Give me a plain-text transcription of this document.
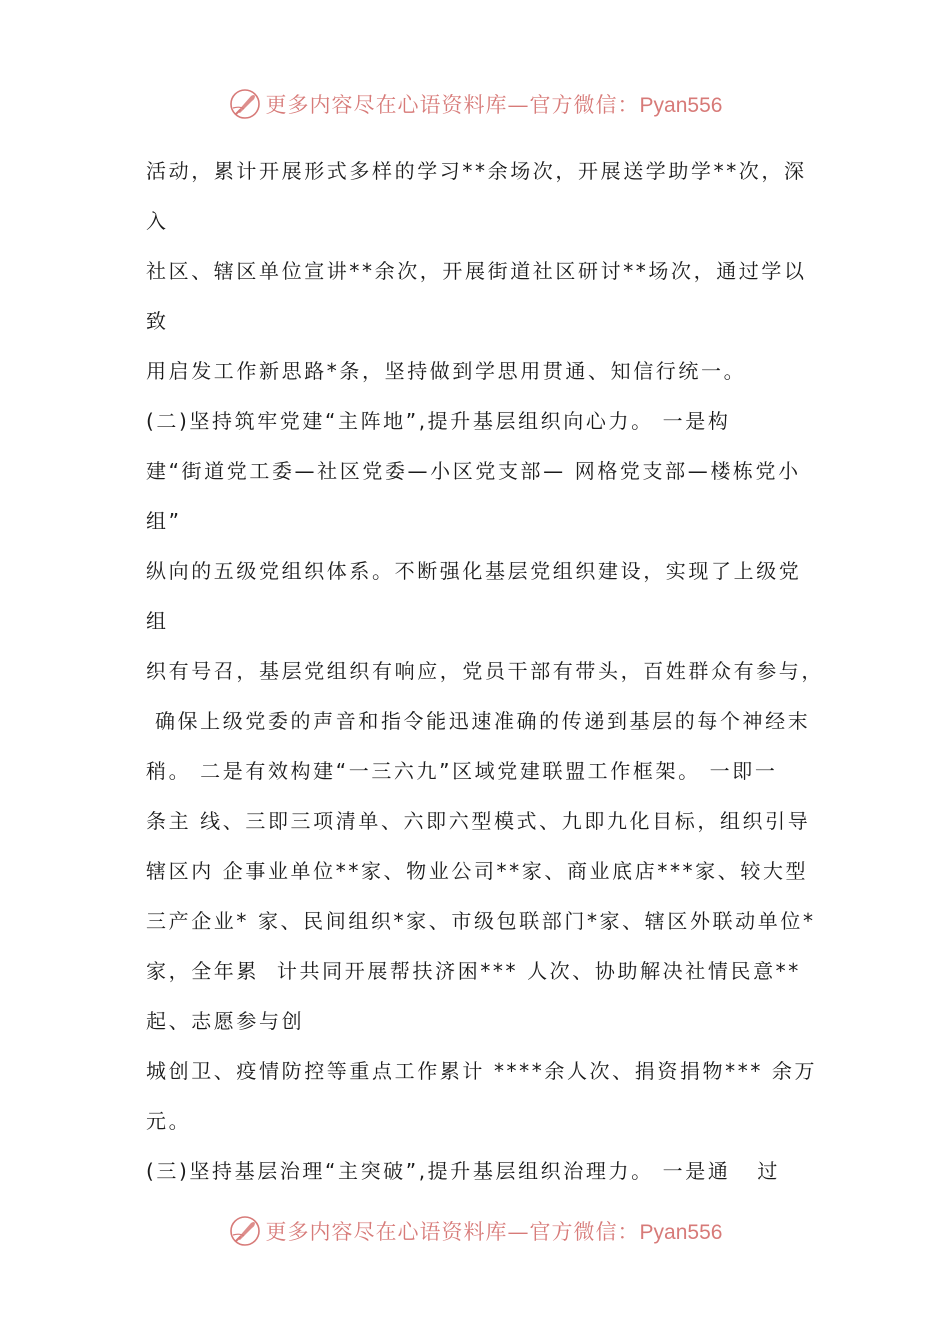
更多内容尽在心语资料库—官方微信：Pyan556
活动，累计开展形式多样的学习**余场次，开展送学助学**次，深
入
社区、辖区单位宣讲**余次，开展街道社区研讨**场次，通过学以
致
用启发工作新思路*条，坚持做到学思用贯通、知信行统一。
(二)坚持筑牢党建“主阵地”,提升基层组织向心力。 一是构
建“街道党工委—社区党委—小区党支部— 网格党支部—楼栋党小
组”
纵向的五级党组织体系。不断强化基层党组织建设，实现了上级党
组
织有号召，基层党组织有响应，党员干部有带头，百姓群众有参与，
确保上级党委的声音和指令能迅速准确的传递到基层的每个神经末
稍。 二是有效构建“一三六九”区域党建联盟工作框架。 一即一
条主 线、三即三项清单、六即六型模式、九即九化目标，组织引导
辖区内 企事业单位**家、物业公司**家、商业底店***家、较大型
三产企业* 家、民间组织*家、市级包联部门*家、辖区外联动单位*
家，全年累  计共同开展帮扶济困*** 人次、协助解决社情民意**
起、志愿参与创
城创卫、疫情防控等重点工作累计 ****余人次、捐资捐物*** 余万
元。
(三)坚持基层治理“主突破”,提升基层组织治理力。 一是通   过
更多内容尽在心语资料库—官方微信：Pyan556
